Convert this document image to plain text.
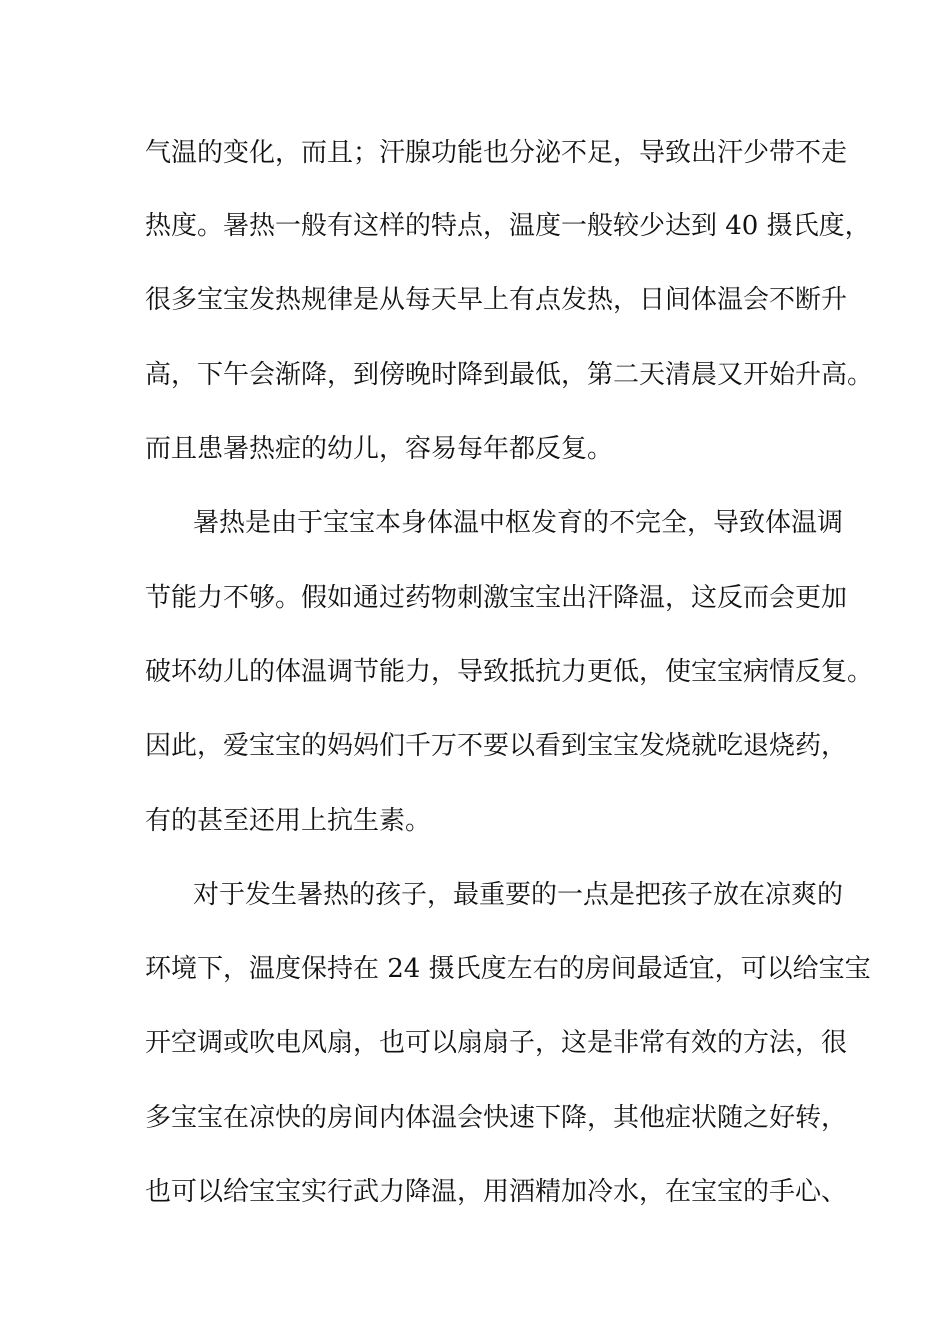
气温的变化，而且；汗腺功能也分泌不足，导致出汗少带不走
热度。暑热一般有这样的特点，温度一般较少达到 40 摄氏度，
很多宝宝发热规律是从每天早上有点发热，日间体温会不断升
高，下午会渐降，到傍晚时降到最低，第二天清晨又开始升高。
而且患暑热症的幼儿，容易每年都反复。
暑热是由于宝宝本身体温中枢发育的不完全，导致体温调
节能力不够。假如通过药物刺激宝宝出汗降温，这反而会更加
破坏幼儿的体温调节能力，导致抵抗力更低，使宝宝病情反复。
因此，爱宝宝的妈妈们千万不要以看到宝宝发烧就吃退烧药，
有的甚至还用上抗生素。
对于发生暑热的孩子，最重要的一点是把孩子放在凉爽的
环境下，温度保持在 24 摄氏度左右的房间最适宜，可以给宝宝
开空调或吹电风扇，也可以扇扇子，这是非常有效的方法，很
多宝宝在凉快的房间内体温会快速下降，其他症状随之好转，
也可以给宝宝实行武力降温，用酒精加冷水，在宝宝的手心、
